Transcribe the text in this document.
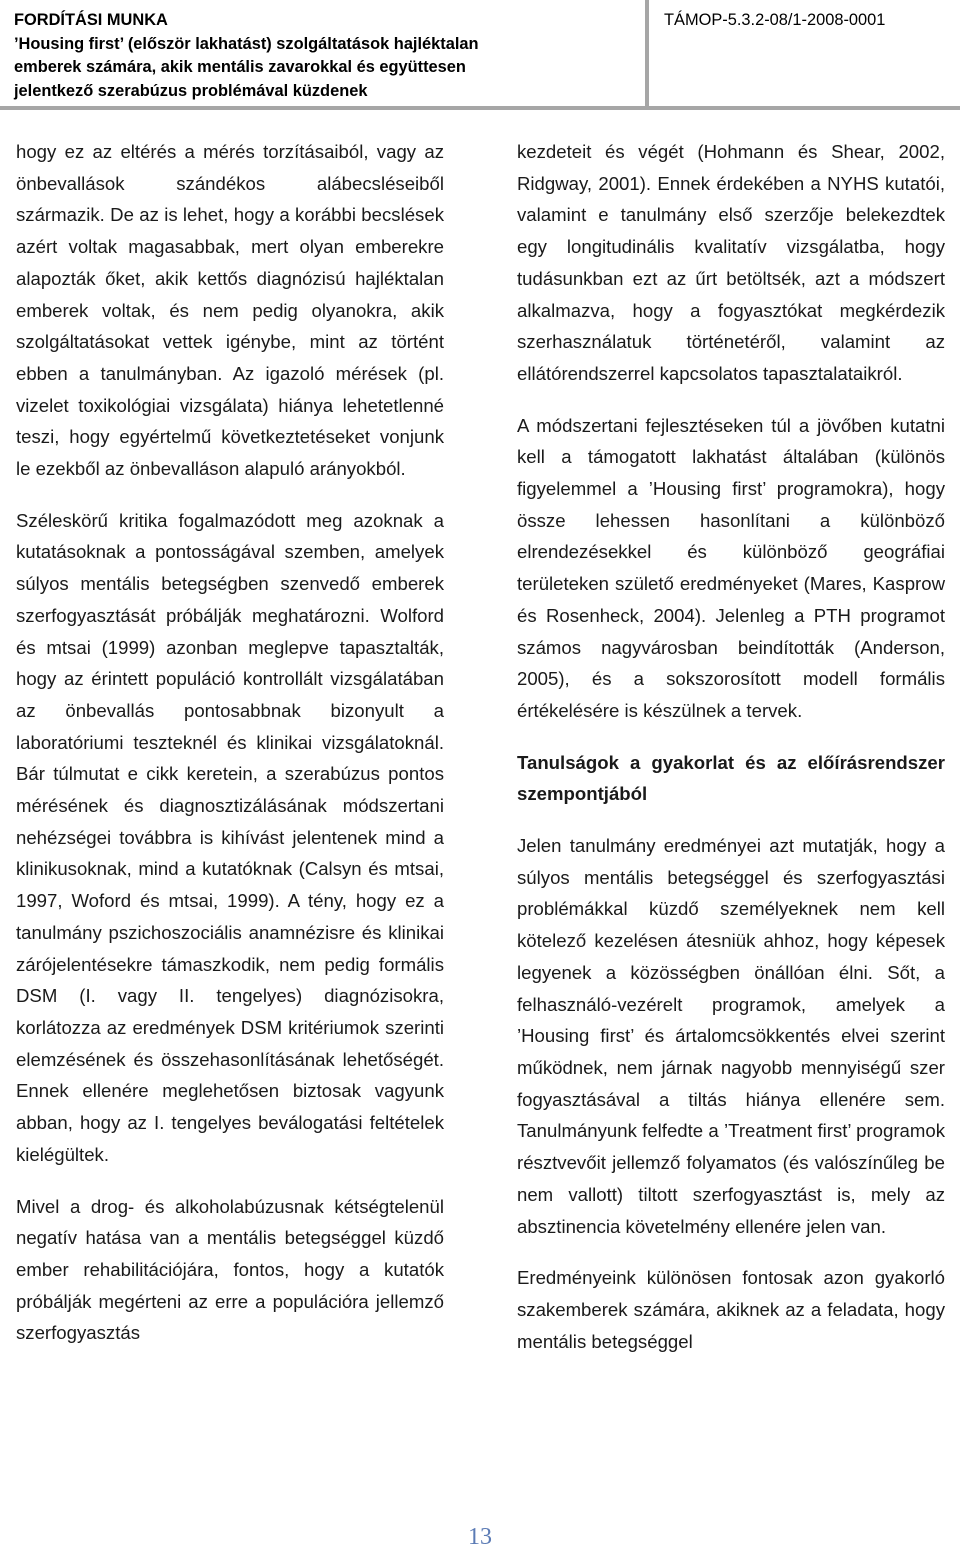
FORDÍTÁSI MUNKA
’Housing first’ (először lakhatást) szolgáltatások hajléktalan
emberek számára, akik mentális zavarokkal és együttesen
jelentkező szerabúzus problémával küzdenek
TÁMOP-5.3.2-08/1-2008-0001

hogy ez az eltérés a mérés torzításaiból, vagy az önbevallások szándékos alábecsléseiből származik. De az is lehet, hogy a korábbi becslések azért voltak magasabbak, mert olyan emberekre alapozták őket, akik kettős diagnózisú hajléktalan emberek voltak, és nem pedig olyanokra, akik szolgáltatásokat vettek igénybe, mint az történt ebben a tanulmányban. Az igazoló mérések (pl. vizelet toxikológiai vizsgálata) hiánya lehetetlenné teszi, hogy egyértelmű következtetéseket vonjunk le ezekből az önbevalláson alapuló arányokból.

Széleskörű kritika fogalmazódott meg azoknak a kutatásoknak a pontosságával szemben, amelyek súlyos mentális betegségben szenvedő emberek szerfogyasztását próbálják meghatározni. Wolford és mtsai (1999) azonban meglepve tapasztalták, hogy az érintett populáció kontrollált vizsgálatában az önbevallás pontosabbnak bizonyult a laboratóriumi teszteknél és klinikai vizsgálatoknál. Bár túlmutat e cikk keretein, a szerabúzus pontos mérésének és diagnosztizálásának módszertani nehézségei továbbra is kihívást jelentenek mind a klinikusoknak, mind a kutatóknak (Calsyn és mtsai, 1997, Woford és mtsai, 1999). A tény, hogy ez a tanulmány pszichoszociális anamnézisre és klinikai zárójelentésekre támaszkodik, nem pedig formális DSM (I. vagy II. tengelyes) diagnózisokra, korlátozza az eredmények DSM kritériumok szerinti elemzésének és összehasonlításának lehetőségét. Ennek ellenére meglehetősen biztosak vagyunk abban, hogy az I. tengelyes beválogatási feltételek kielégültek.

Mivel a drog- és alkoholabúzusnak kétségtelenül negatív hatása van a mentális betegséggel küzdő ember rehabilitációjára, fontos, hogy a kutatók próbálják megérteni az erre a populációra jellemző szerfogyasztás

kezdeteit és végét (Hohmann és Shear, 2002, Ridgway, 2001). Ennek érdekében a NYHS kutatói, valamint e tanulmány első szerzője belekezdtek egy longitudinális kvalitatív vizsgálatba, hogy tudásunkban ezt az űrt betöltsék, azt a módszert alkalmazva, hogy a fogyasztókat megkérdezik szerhasználatuk történetéről, valamint az ellátórendszerrel kapcsolatos tapasztalataikról.

A módszertani fejlesztéseken túl a jövőben kutatni kell a támogatott lakhatást általában (különös figyelemmel a ’Housing first’ programokra), hogy össze lehessen hasonlítani a különböző elrendezésekkel és különböző geográfiai területeken születő eredményeket (Mares, Kasprow és Rosenheck, 2004). Jelenleg a PTH programot számos nagyvárosban beindították (Anderson, 2005), és a sokszorosított modell formális értékelésére is készülnek a tervek.

Tanulságok a gyakorlat és az előírásrendszer szempontjából

Jelen tanulmány eredményei azt mutatják, hogy a súlyos mentális betegséggel és szerfogyasztási problémákkal küzdő személyeknek nem kell kötelező kezelésen átesniük ahhoz, hogy képesek legyenek a közösségben önállóan élni. Sőt, a felhasználó-vezérelt programok, amelyek a ’Housing first’ és ártalomcsökkentés elvei szerint működnek, nem járnak nagyobb mennyiségű szer fogyasztásával a tiltás hiánya ellenére sem. Tanulmányunk felfedte a ’Treatment first’ programok résztvevőit jellemző folyamatos (és valószínűleg be nem vallott) tiltott szerfogyasztást is, mely az absztinencia követelmény ellenére jelen van.

Eredményeink különösen fontosak azon gyakorló szakemberek számára, akiknek az a feladata, hogy mentális betegséggel

13
